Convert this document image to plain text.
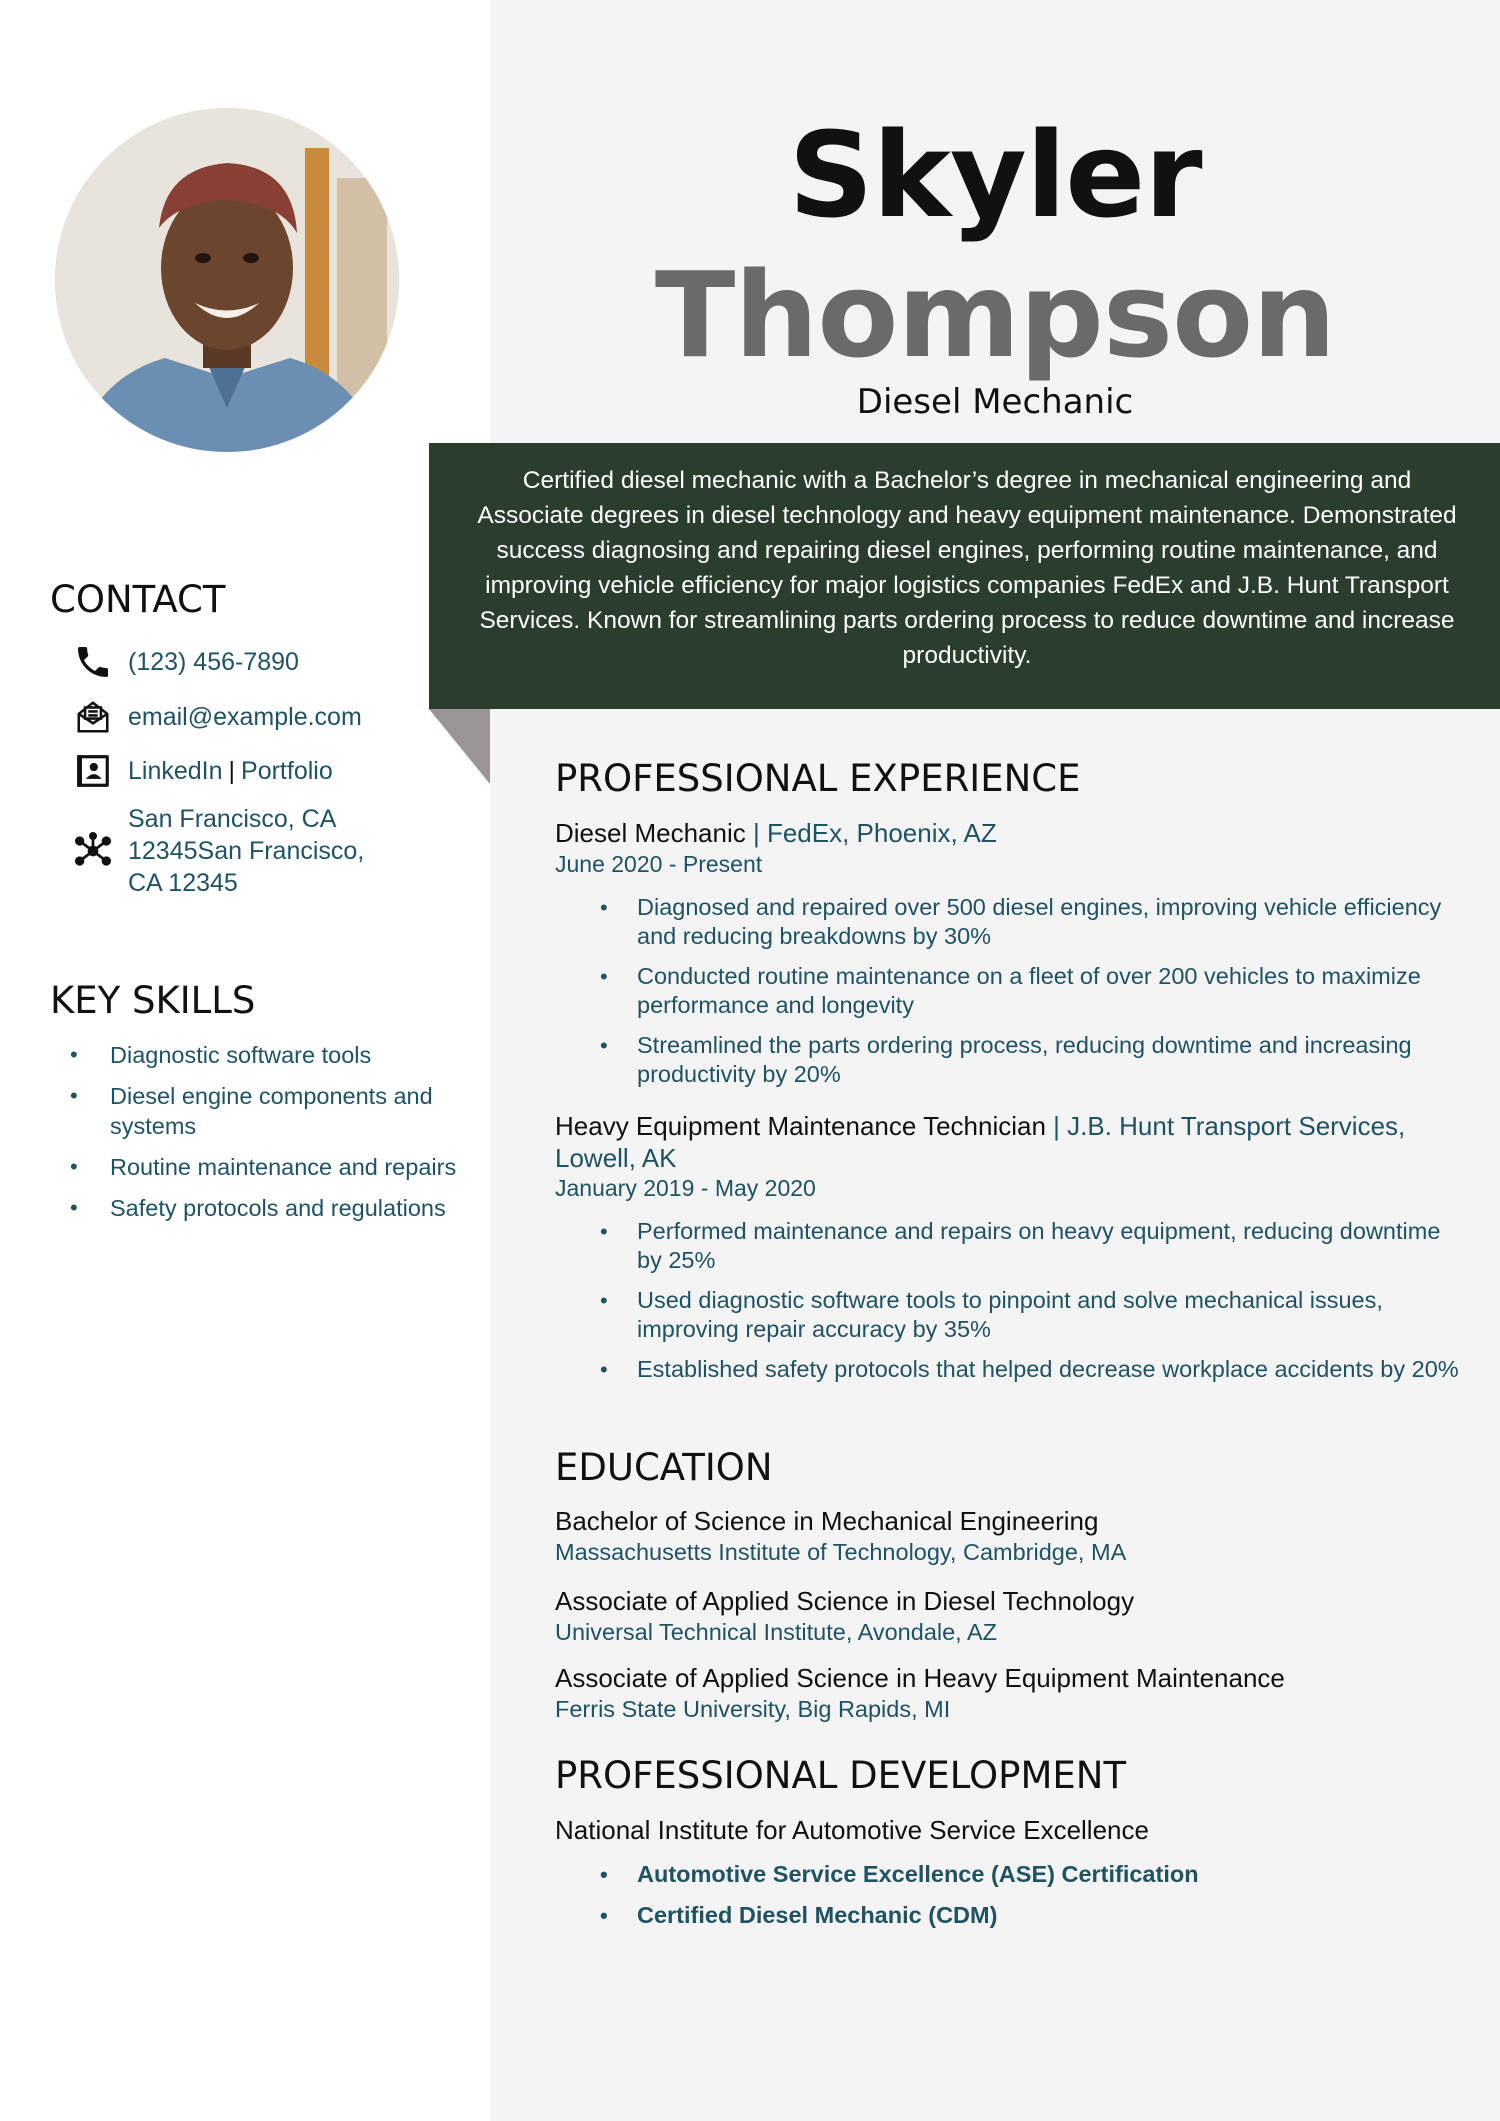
Skyler
Thompson
Diesel Mechanic
Certified diesel mechanic with a Bachelor’s degree in mechanical engineering and Associate degrees in diesel technology and heavy equipment maintenance. Demonstrated success diagnosing and repairing diesel engines, performing routine maintenance, and improving vehicle efficiency for major logistics companies FedEx and J.B. Hunt Transport Services. Known for streamlining parts ordering process to reduce downtime and increase productivity.
CONTACT
(123) 456-7890
email@example.com
LinkedIn | Portfolio
San Francisco, CA
12345San Francisco,
CA 12345
KEY SKILLS
• Diagnostic software tools
• Diesel engine components and systems
• Routine maintenance and repairs
• Safety protocols and regulations
PROFESSIONAL EXPERIENCE
Diesel Mechanic | FedEx, Phoenix, AZ
June 2020 - Present
• Diagnosed and repaired over 500 diesel engines, improving vehicle efficiency and reducing breakdowns by 30%
• Conducted routine maintenance on a fleet of over 200 vehicles to maximize performance and longevity
• Streamlined the parts ordering process, reducing downtime and increasing productivity by 20%
Heavy Equipment Maintenance Technician | J.B. Hunt Transport Services, Lowell, AK
January 2019 - May 2020
• Performed maintenance and repairs on heavy equipment, reducing downtime by 25%
• Used diagnostic software tools to pinpoint and solve mechanical issues, improving repair accuracy by 35%
• Established safety protocols that helped decrease workplace accidents by 20%
EDUCATION
Bachelor of Science in Mechanical Engineering
Massachusetts Institute of Technology, Cambridge, MA
Associate of Applied Science in Diesel Technology
Universal Technical Institute, Avondale, AZ
Associate of Applied Science in Heavy Equipment Maintenance
Ferris State University, Big Rapids, MI
PROFESSIONAL DEVELOPMENT
National Institute for Automotive Service Excellence
• Automotive Service Excellence (ASE) Certification
• Certified Diesel Mechanic (CDM)
